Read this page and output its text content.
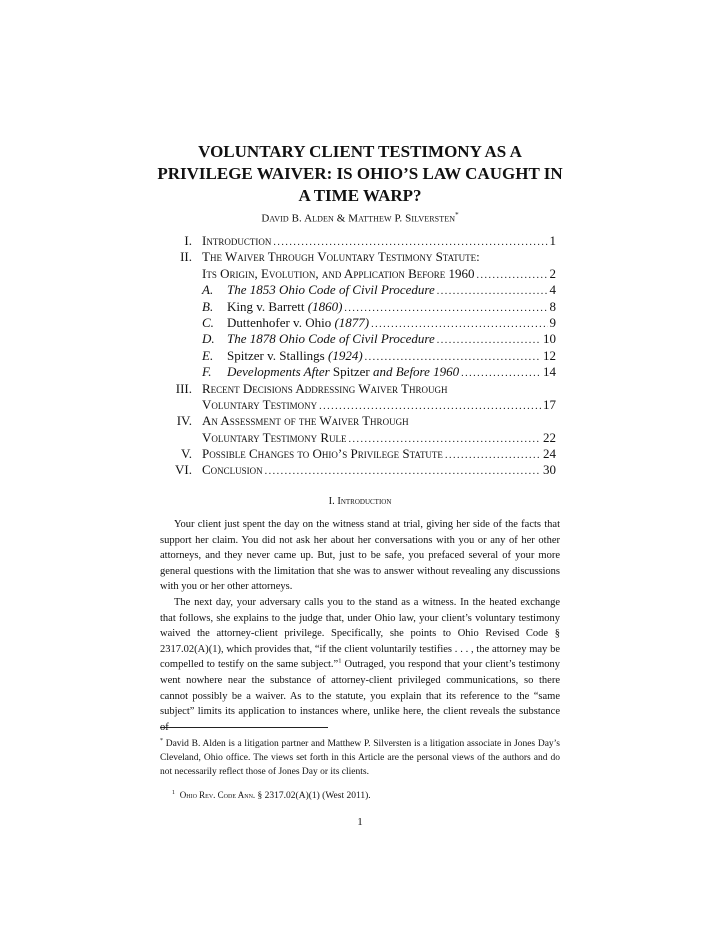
VOLUNTARY CLIENT TESTIMONY AS A
PRIVILEGE WAIVER: IS OHIO’S LAW CAUGHT IN
A TIME WARP?
David B. Alden & Matthew P. Silversten*
I. Introduction .....	1
II. The Waiver Through Voluntary Testimony Statute:
Its Origin, Evolution, and Application Before 1960 .....	2
A.	The 1853 Ohio Code of Civil Procedure .....	4
B.	King v. Barrett (1860) .....	8
C.	Duttenhofer v. Ohio (1877) .....	9
D. The 1878 Ohio Code of Civil Procedure .....	10
E.	Spitzer v. Stallings (1924) .....	12
F.	Developments After Spitzer and Before 1960 .....	14
III. Recent Decisions Addressing Waiver Through
Voluntary Testimony .....	17
IV. An Assessment of the Waiver Through
Voluntary Testimony Rule .....	22
V. Possible Changes to Ohio’s Privilege Statute .....	24
VI. Conclusion .....	30
I. Introduction

Your client just spent the day on the witness stand at trial, giving her side of the facts that support her claim. You did not ask her about her conversations with you or any of her other attorneys, and they never came up. But, just to be safe, you prefaced several of your more general questions with the limitation that she was to answer without revealing any discussions with you or her other attorneys.

The next day, your adversary calls you to the stand as a witness. In the heated exchange that follows, she explains to the judge that, under Ohio law, your client’s voluntary testimony waived the attorney-client privilege. Specifically, she points to Ohio Revised Code § 2317.02(A)(1), which provides that, “if the client voluntarily testifies . . . , the attorney may be compelled to testify on the same subject.”$^1$ Outraged, you respond that your client’s testimony went nowhere near the substance of attorney-client privileged communications, so there cannot possibly be a waiver. As to the statute, you explain that its reference to the “same subject” limits its application to instances where, unlike here, the client reveals the substance of

* David B. Alden is a litigation partner and Matthew P. Silversten is a litigation associate in Jones Day’s Cleveland, Ohio office. The views set forth in this Article are the personal views of the authors and do not necessarily reflect those of Jones Day or its clients.
$^1$ Ohio Rev. Code Ann. § 2317.02(A)(1) (West 2011).
1
